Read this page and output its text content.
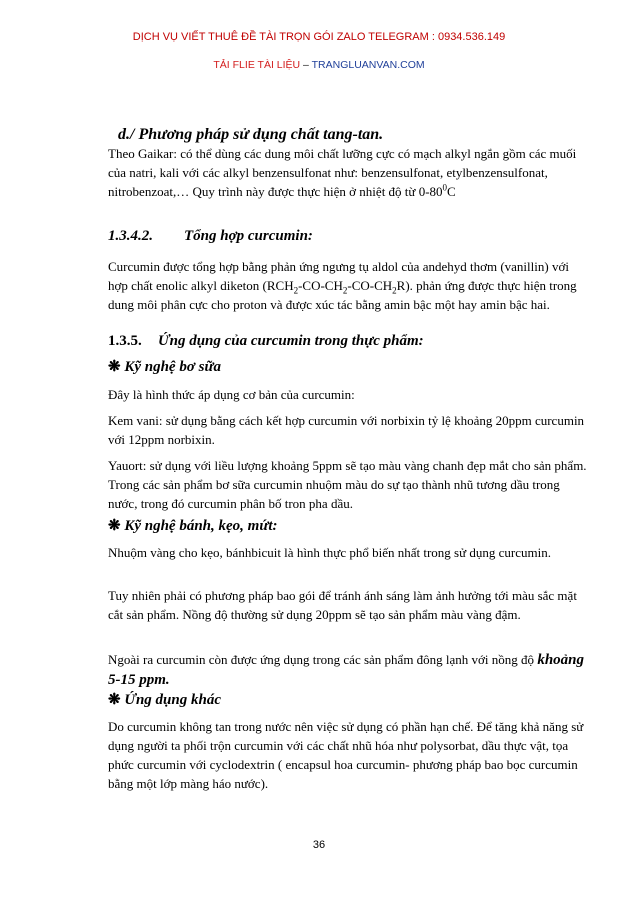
DỊCH VỤ VIẾT THUÊ ĐỀ TÀI TRỌN GÓI ZALO TELEGRAM : 0934.536.149
TẢI FLIE TÀI LIỆU – TRANGLUANVAN.COM
d./ Phương pháp sử dụng chất tang-tan.
Theo Gaikar: có thể dùng các dung môi chất lưỡng cực có mạch alkyl ngắn gồm các muối của natri, kali với các alkyl benzensulfonat như: benzensulfonat, etylbenzensulfonat, nitrobenzoat,… Quy trình này được thực hiện ở nhiệt độ từ $0-80^0C$
1.3.4.2. Tổng hợp curcumin:
Curcumin được tổng hợp bằng phản ứng ngưng tụ aldol của andehyd thơm (vanillin) với hợp chất enolic alkyl diketon $(RCH_2-CO-CH_2-CO-CH_2R)$. phản ứng được thực hiện trong dung môi phân cực cho proton và được xúc tác bằng amin bậc một hay amin bậc hai.
1.3.5. Ứng dụng của curcumin trong thực phẩm:
❋ Kỹ nghệ bơ sữa
Đây là hình thức áp dụng cơ bản của curcumin:
Kem vani: sử dụng bằng cách kết hợp curcumin với norbixin tỷ lệ khoảng 20ppm curcumin với 12ppm norbixin.
Yauort: sử dụng với liều lượng khoảng 5ppm sẽ tạo màu vàng chanh đẹp mắt cho sản phẩm. Trong các sản phẩm bơ sữa curcumin nhuộm màu do sự tạo thành nhũ tương dầu trong nước, trong đó curcumin phân bố tron pha dầu.
❋ Kỹ nghệ bánh, kẹo, mứt:
Nhuộm vàng cho kẹo, bánhbicuit là hình thực phổ biến nhất trong sử dụng curcumin.
Tuy nhiên phải có phương pháp bao gói để tránh ánh sáng làm ảnh hưởng tới màu sắc mặt cắt sản phẩm. Nồng độ thường sử dụng 20ppm sẽ tạo sản phẩm màu vàng đậm.
Ngoài ra curcumin còn được ứng dụng trong các sản phẩm đông lạnh với nồng độ khoảng 5-15 ppm.
❋ Ứng dụng khác
Do curcumin không tan trong nước nên việc sử dụng có phần hạn chế. Để tăng khả năng sử dụng người ta phối trộn curcumin với các chất nhũ hóa như polysorbat, dầu thực vật, tọa phức curcumin với cyclodextrin ( encapsul hoa curcumin- phương pháp bao bọc curcumin bằng một lớp màng háo nước).
36
